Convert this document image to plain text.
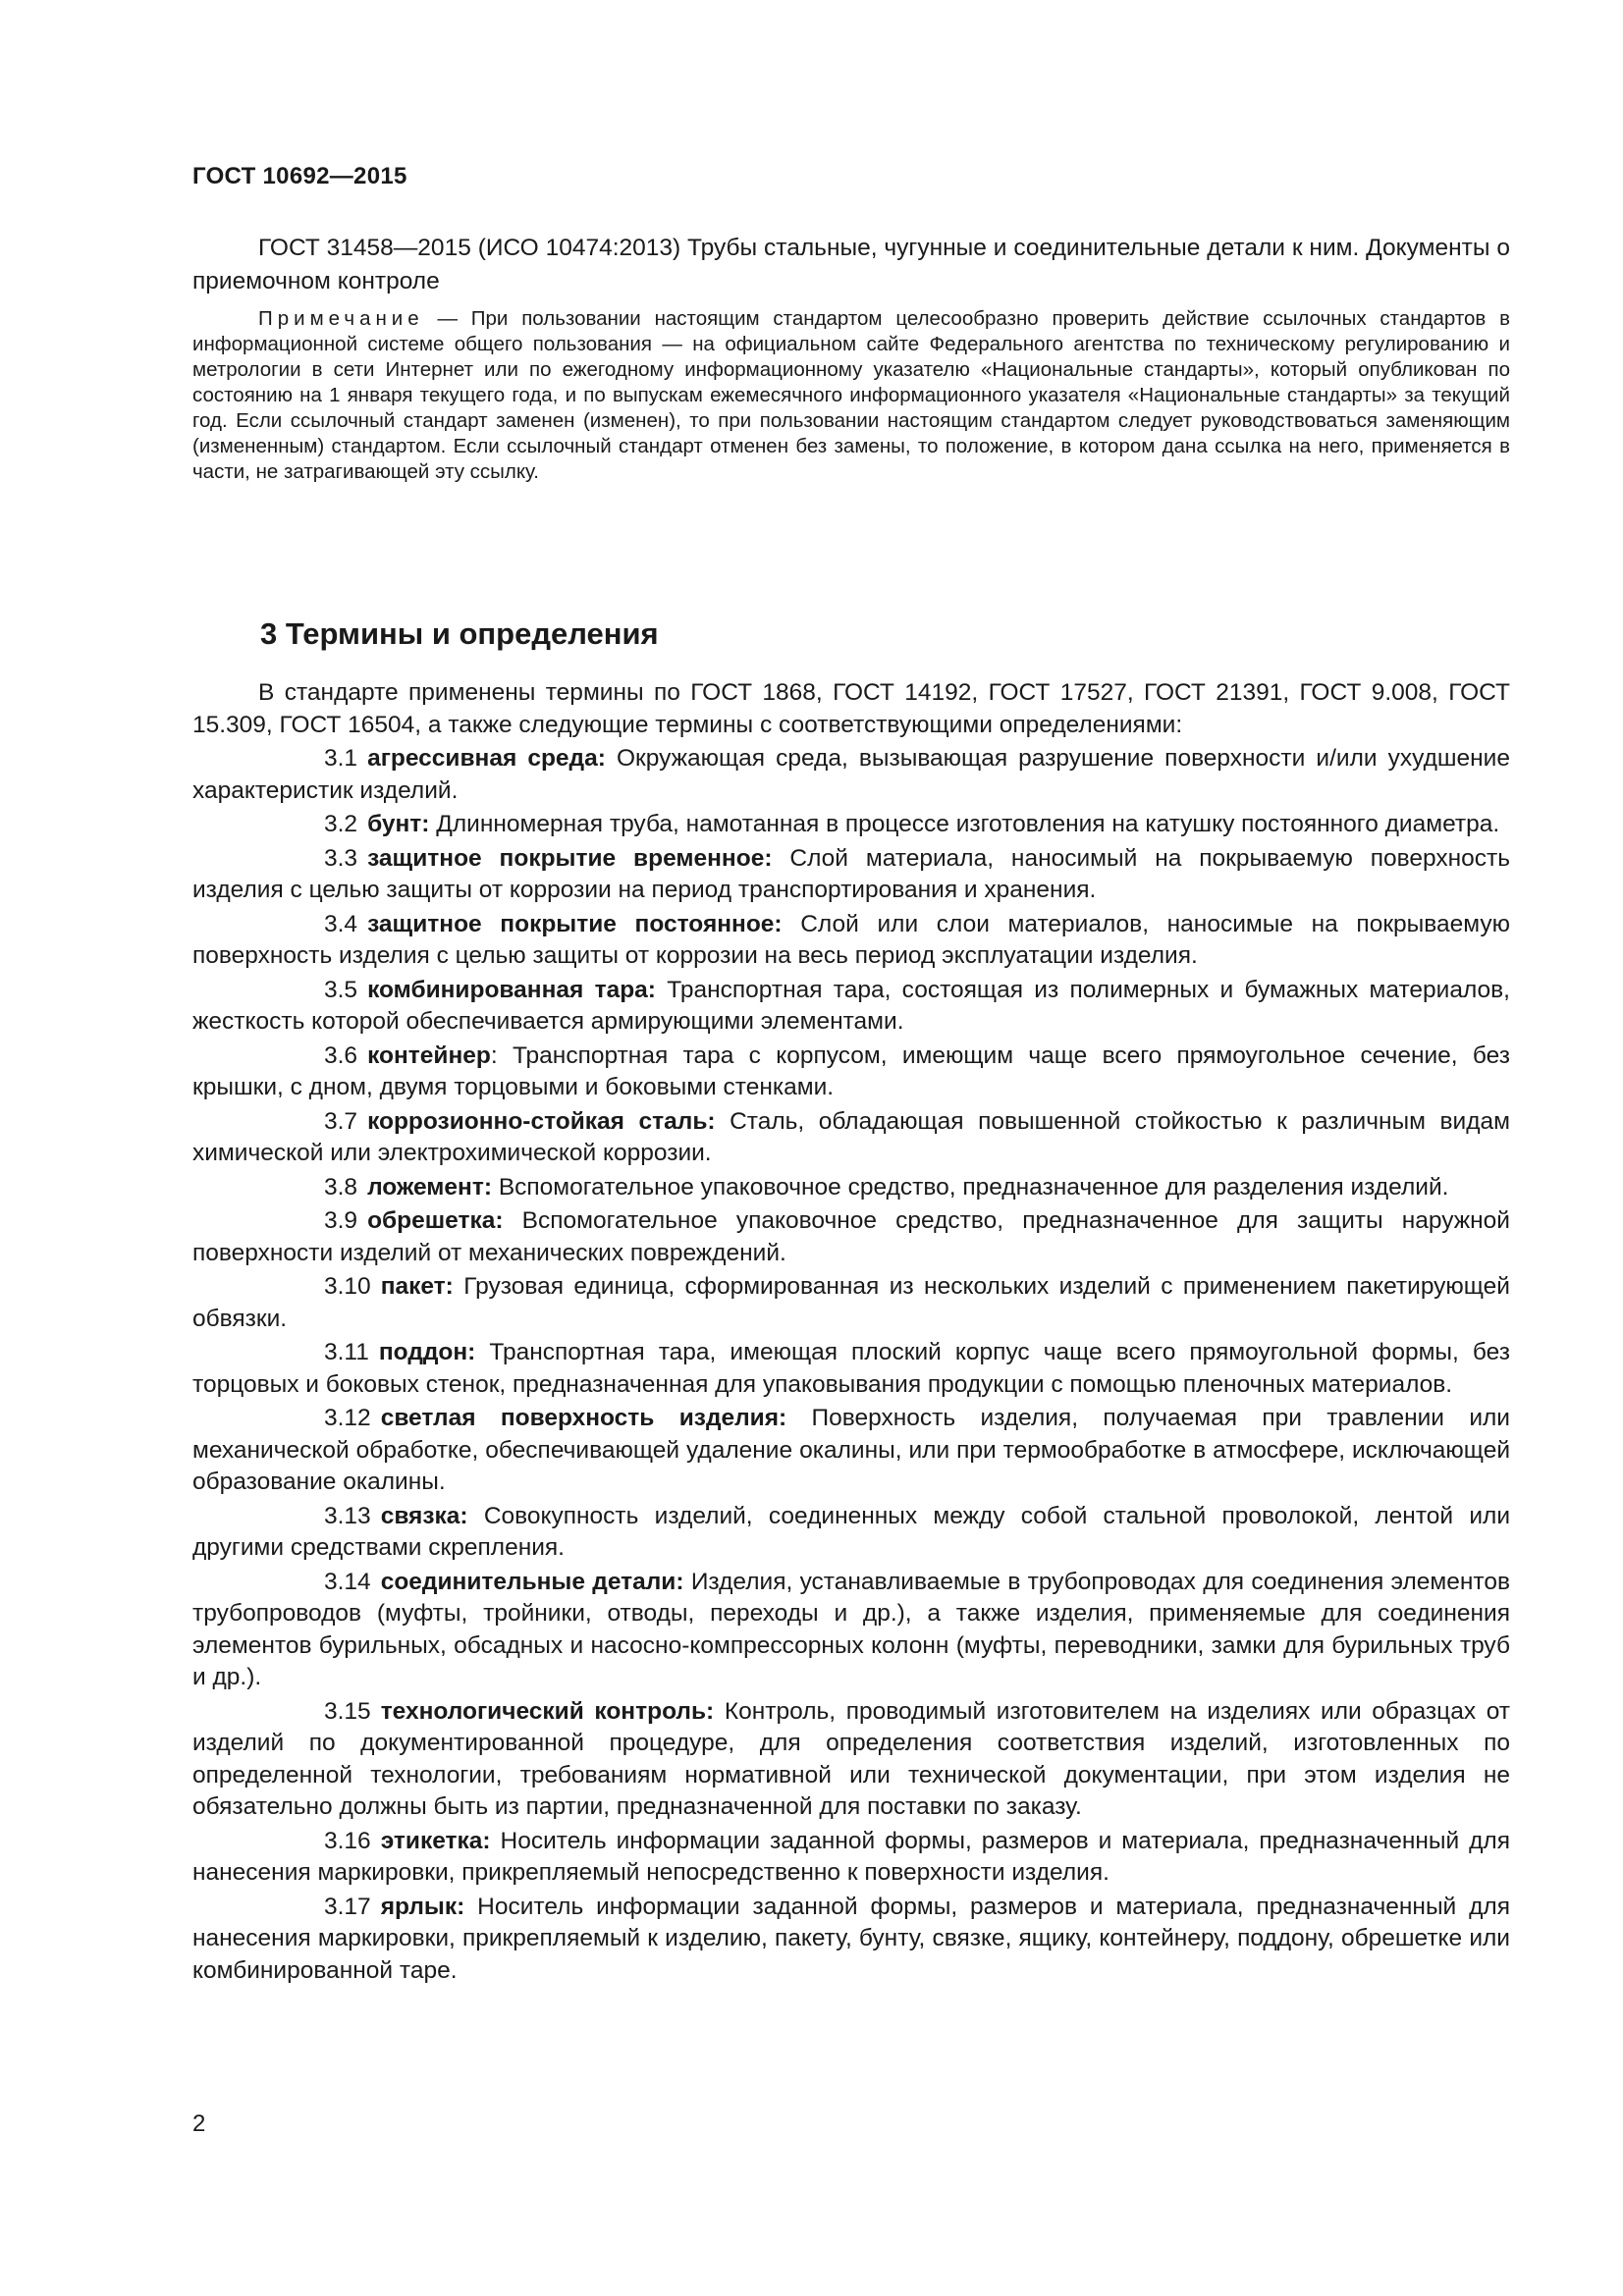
ГОСТ 10692—2015
ГОСТ 31458—2015 (ИСО 10474:2013) Трубы стальные, чугунные и соединительные детали к ним. Документы о приемочном контроле
Примечание — При пользовании настоящим стандартом целесообразно проверить действие ссылочных стандартов в информационной системе общего пользования — на официальном сайте Федерального агентства по техническому регулированию и метрологии в сети Интернет или по ежегодному информационному указателю «Национальные стандарты», который опубликован по состоянию на 1 января текущего года, и по выпускам ежемесячного информационного указателя «Национальные стандарты» за текущий год. Если ссылочный стандарт заменен (изменен), то при пользовании настоящим стандартом следует руководствоваться заменяющим (измененным) стандартом. Если ссылочный стандарт отменен без замены, то положение, в котором дана ссылка на него, применяется в части, не затрагивающей эту ссылку.
3 Термины и определения

В стандарте применены термины по ГОСТ 1868, ГОСТ 14192, ГОСТ 17527, ГОСТ 21391, ГОСТ 9.008, ГОСТ 15.309, ГОСТ 16504, а также следующие термины с соответствующими определениями:

3.1 агрессивная среда: Окружающая среда, вызывающая разрушение поверхности и/или ухудшение характеристик изделий.

3.2 бунт: Длинномерная труба, намотанная в процессе изготовления на катушку постоянного диаметра.

3.3 защитное покрытие временное: Слой материала, наносимый на покрываемую поверхность изделия с целью защиты от коррозии на период транспортирования и хранения.

3.4 защитное покрытие постоянное: Слой или слои материалов, наносимые на покрываемую поверхность изделия с целью защиты от коррозии на весь период эксплуатации изделия.

3.5 комбинированная тара: Транспортная тара, состоящая из полимерных и бумажных материалов, жесткость которой обеспечивается армирующими элементами.

3.6 контейнер: Транспортная тара с корпусом, имеющим чаще всего прямоугольное сечение, без крышки, с дном, двумя торцовыми и боковыми стенками.

3.7 коррозионно-стойкая сталь: Сталь, обладающая повышенной стойкостью к различным видам химической или электрохимической коррозии.

3.8 ложемент: Вспомогательное упаковочное средство, предназначенное для разделения изделий.

3.9 обрешетка: Вспомогательное упаковочное средство, предназначенное для защиты наружной поверхности изделий от механических повреждений.

3.10 пакет: Грузовая единица, сформированная из нескольких изделий с применением пакетирующей обвязки.

3.11 поддон: Транспортная тара, имеющая плоский корпус чаще всего прямоугольной формы, без торцовых и боковых стенок, предназначенная для упаковывания продукции с помощью пленочных материалов.

3.12 светлая поверхность изделия: Поверхность изделия, получаемая при травлении или механической обработке, обеспечивающей удаление окалины, или при термообработке в атмосфере, исключающей образование окалины.

3.13 связка: Совокупность изделий, соединенных между собой стальной проволокой, лентой или другими средствами скрепления.

3.14 соединительные детали: Изделия, устанавливаемые в трубопроводах для соединения элементов трубопроводов (муфты, тройники, отводы, переходы и др.), а также изделия, применяемые для соединения элементов бурильных, обсадных и насосно-компрессорных колонн (муфты, переводники, замки для бурильных труб и др.).

3.15 технологический контроль: Контроль, проводимый изготовителем на изделиях или образцах от изделий по документированной процедуре, для определения соответствия изделий, изготовленных по определенной технологии, требованиям нормативной или технической документации, при этом изделия не обязательно должны быть из партии, предназначенной для поставки по заказу.

3.16 этикетка: Носитель информации заданной формы, размеров и материала, предназначенный для нанесения маркировки, прикрепляемый непосредственно к поверхности изделия.

3.17 ярлык: Носитель информации заданной формы, размеров и материала, предназначенный для нанесения маркировки, прикрепляемый к изделию, пакету, бунту, связке, ящику, контейнеру, поддону, обрешетке или комбинированной таре.

2
